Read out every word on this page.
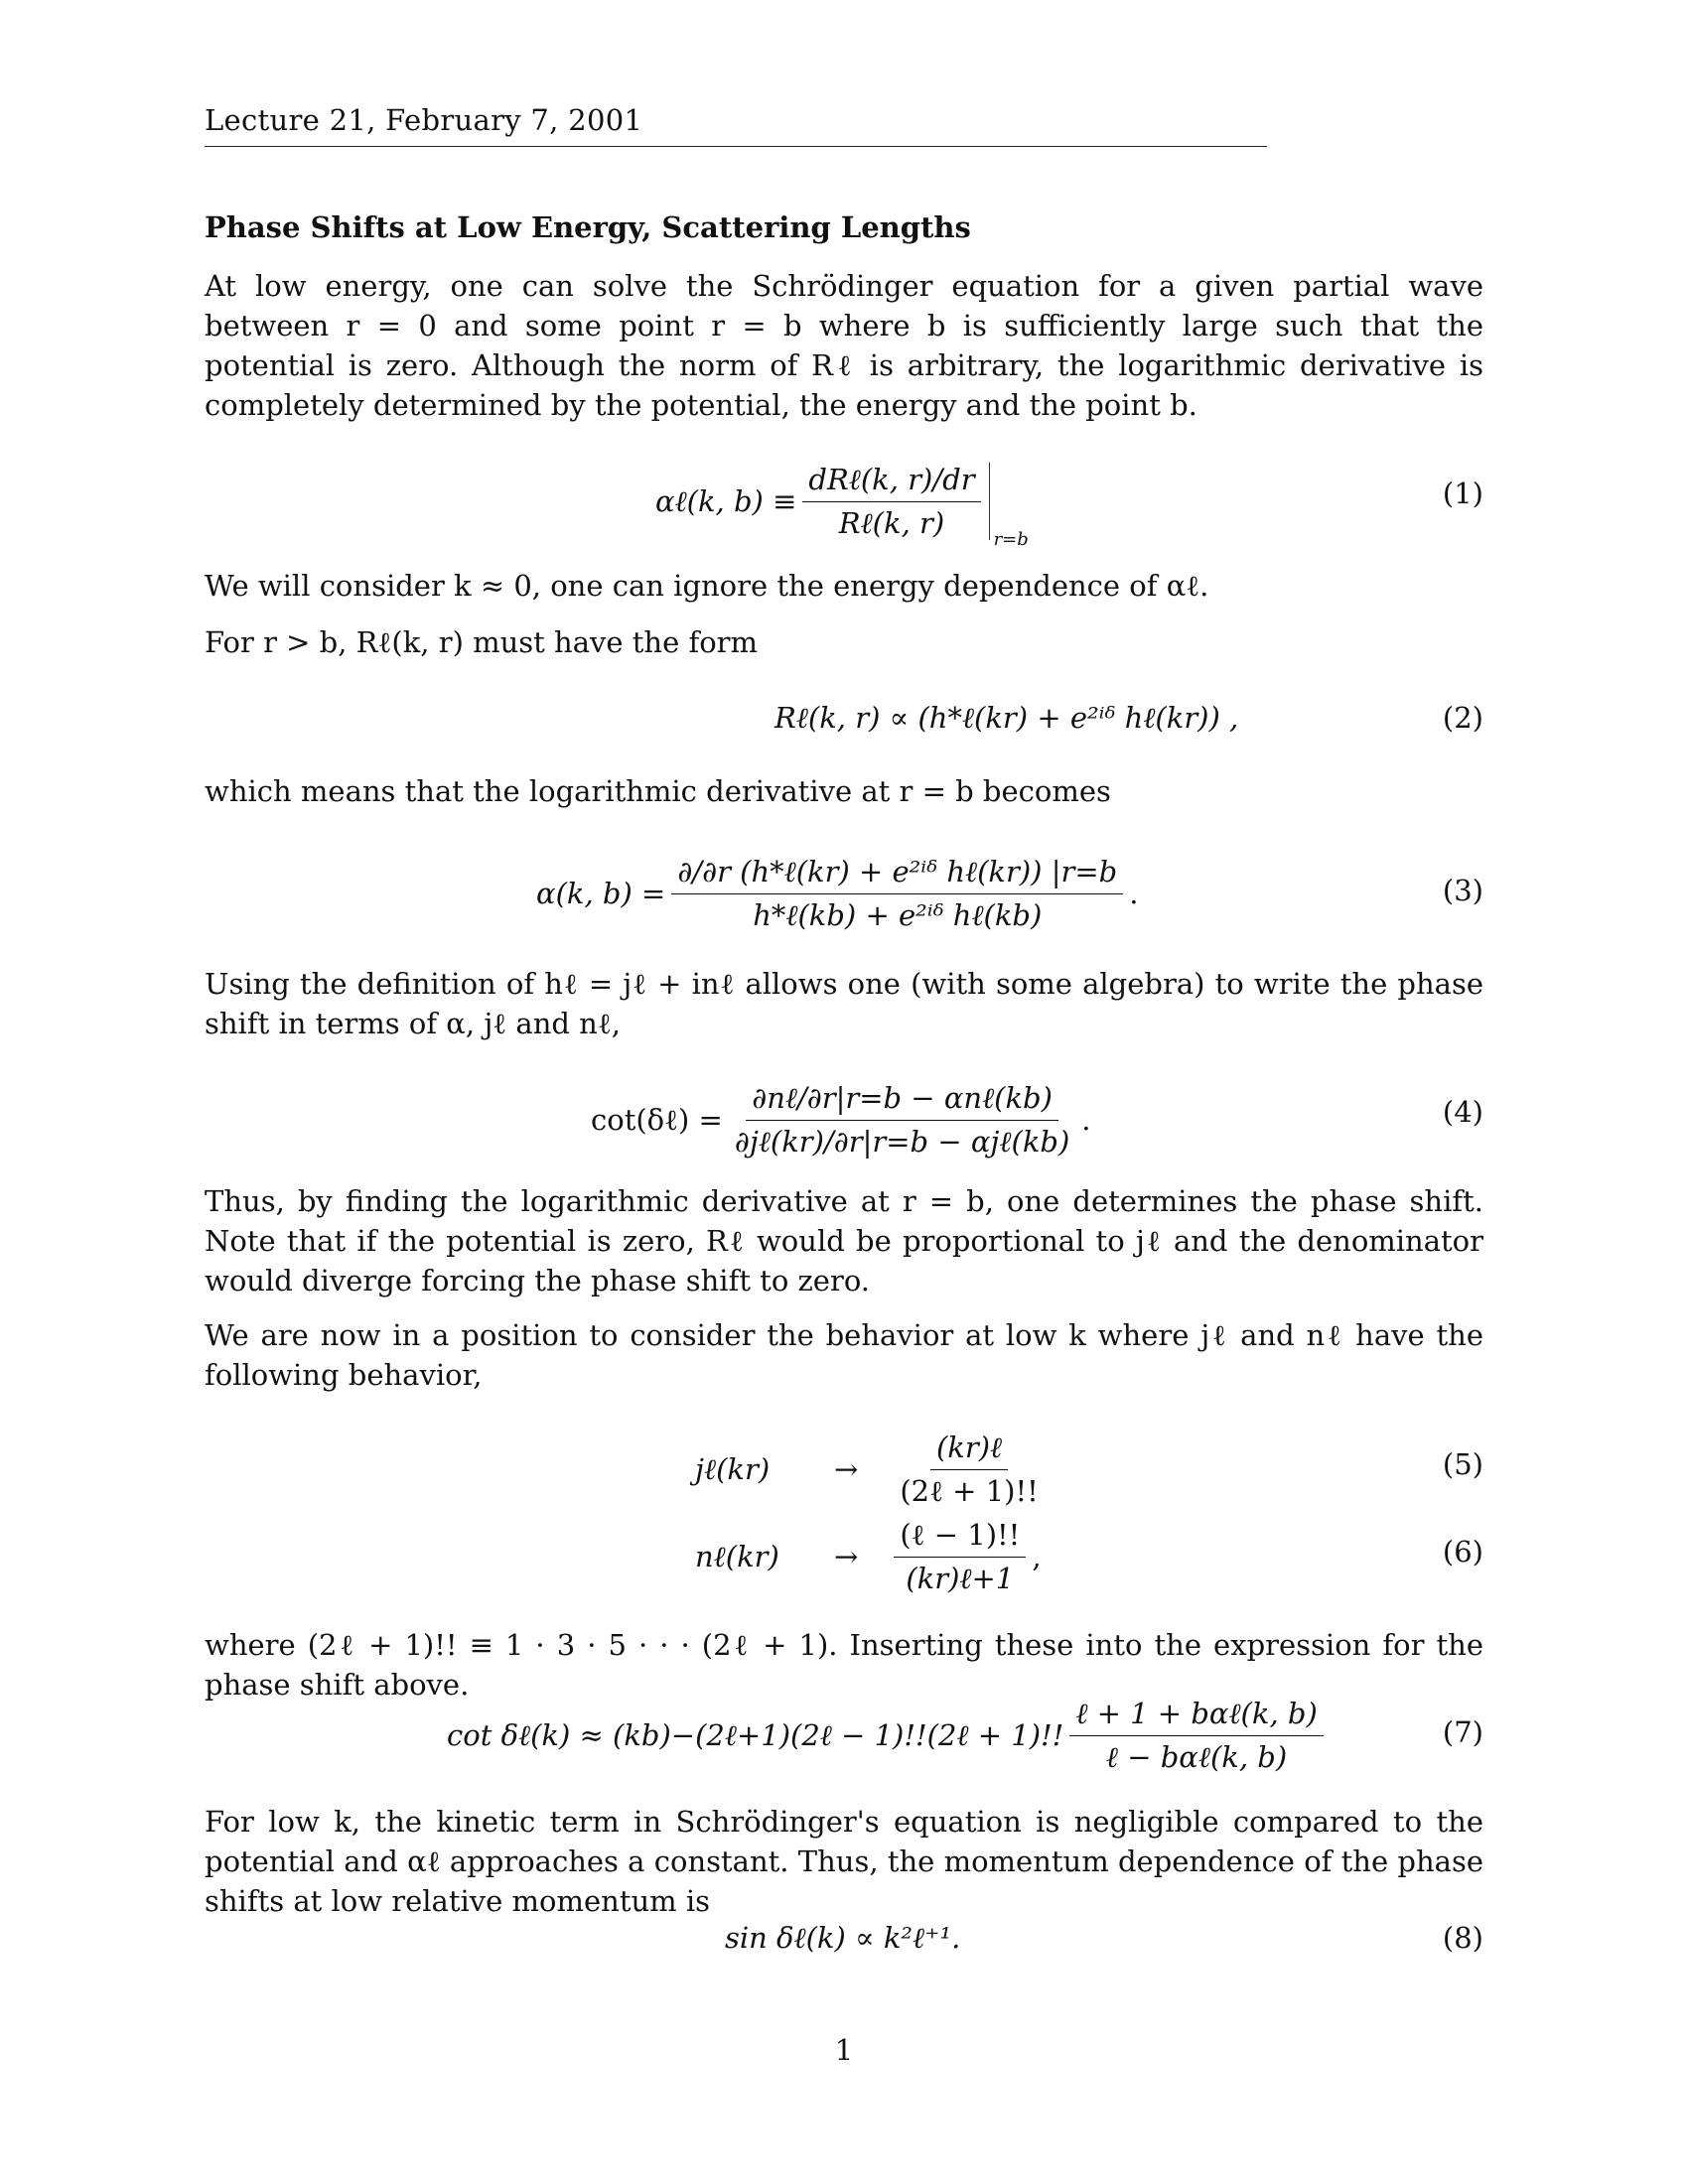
Lecture 21, February 7, 2001
Phase Shifts at Low Energy, Scattering Lengths
At low energy, one can solve the Schrödinger equation for a given partial wave between r = 0 and some point r = b where b is sufficiently large such that the potential is zero. Although the norm of Rℓ is arbitrary, the logarithmic derivative is completely determined by the potential, the energy and the point b.
αℓ(k, $b) \equiv \frac{\text{dRℓ(k, r)/dr}}{\text{Rℓ(k, r)}} r=b$
(1)
We will consider k ≈ 0, one can ignore the energy dependence of αℓ.
For r > b, Rℓ(k, r) must have the form
Rℓ(k, r) ∝ (h*ℓ(kr) + e²ⁱᵟ hℓ(kr)) ,	(2)
which means that the logarithmic derivative at r = b becomes
α(k, $b) = \frac{\text{∂/∂r (h*ℓ(kr) + e²ⁱᵟ hℓ(kr)) |r=b}}{\text{h*ℓ(kb) + e²ⁱᵟ hℓ(kb)}}$ .	(3)
Using the definition of hℓ = jℓ + inℓ allows one (with some algebra) to write the phase shift in terms of α, jℓ and nℓ,
cot(δℓ) = $\frac{\text{∂nℓ/∂r|r=b − αnℓ(kb)}}{\text{∂jℓ(kr)/∂r|r=b − αjℓ(kb)}}$ .	(4)
Thus, by finding the logarithmic derivative at r = b, one determines the phase shift. Note that if the potential is zero, Rℓ would be proportional to jℓ and the denominator would diverge forcing the phase shift to zero.
We are now in a position to consider the behavior at low k where jℓ and nℓ have the following behavior,
jℓ(kr)	→ $\frac{\text{(kr)ℓ}}{\text{(2ℓ + 1)!!}}$	(5)
nℓ(kr)	→ $\frac{\text{(ℓ − 1)!!}}{\text{(kr)ℓ+1}}$ ,	(6)
where (2ℓ + 1)!! ≡ 1 · 3 · 5 · · · (2ℓ + 1). Inserting these into the expression for the phase shift above.
cot δℓ(k) ≈ (kb)−(2ℓ+1)(2ℓ − 1)!!(2ℓ + 1)!! $\frac{\text{ℓ + 1 + bαℓ(k, b)}}{\text{ℓ − bαℓ(k, b)}}$	(7)
For low k, the kinetic term in Schrödinger's equation is negligible compared to the potential and αℓ approaches a constant. Thus, the momentum dependence of the phase shifts at low relative momentum is
sin δℓ(k) ∝ k²ℓ⁺¹.	(8)
1
